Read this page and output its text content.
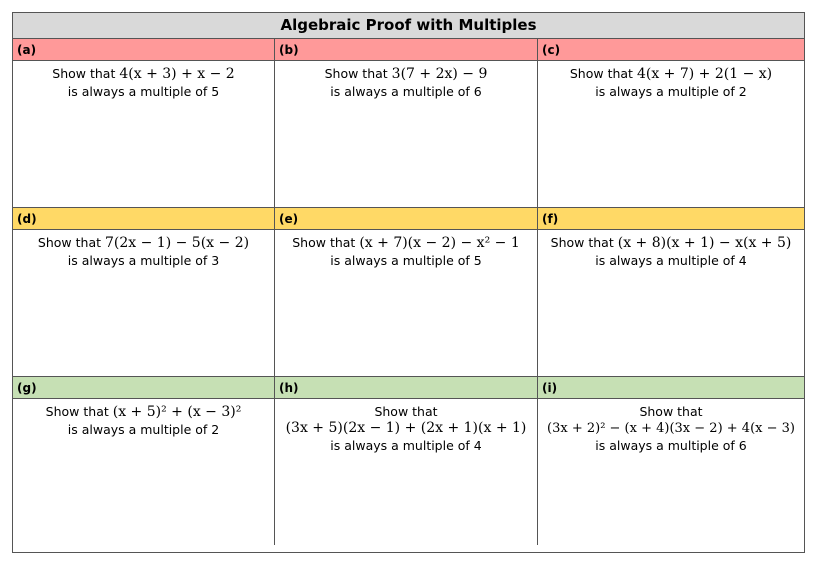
Algebraic Proof with Multiples
(a)
Show that 4(x + 3) + x − 2
is always a multiple of 5
(b)
Show that 3(7 + 2x) − 9
is always a multiple of 6
(c)
Show that 4(x + 7) + 2(1 − x)
is always a multiple of 2
(d)
Show that 7(2x − 1) − 5(x − 2)
is always a multiple of 3
(e)
Show that (x + 7)(x − 2) − x² − 1
is always a multiple of 5
(f)
Show that (x + 8)(x + 1) − x(x + 5)
is always a multiple of 4
(g)
Show that (x + 5)² + (x − 3)²
is always a multiple of 2
(h)
Show that
(3x + 5)(2x − 1) + (2x + 1)(x + 1)
is always a multiple of 4
(i)
Show that
(3x + 2)² − (x + 4)(3x − 2) + 4(x − 3)
is always a multiple of 6
